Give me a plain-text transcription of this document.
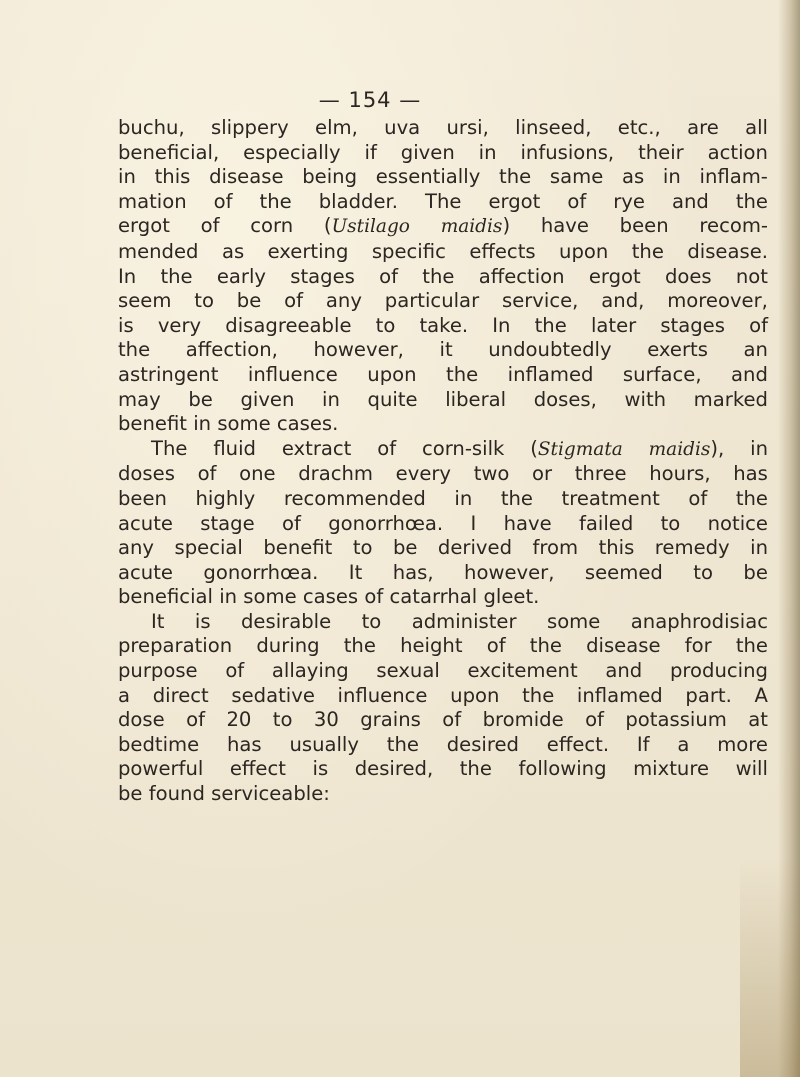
— 154 —
buchu, slippery elm, uva ursi, linseed, etc., are all
beneficial, especially if given in infusions, their action
in this disease being essentially the same as in inflam-
mation of the bladder. The ergot of rye and the
ergot of corn (Ustilago maidis) have been recom-
mended as exerting specific effects upon the disease.
In the early stages of the affection ergot does not
seem to be of any particular service, and, moreover,
is very disagreeable to take. In the later stages of
the affection, however, it undoubtedly exerts an
astringent influence upon the inflamed surface, and
may be given in quite liberal doses, with marked
benefit in some cases.
The fluid extract of corn-silk (Stigmata maidis), in
doses of one drachm every two or three hours, has
been highly recommended in the treatment of the
acute stage of gonorrhœa. I have failed to notice
any special benefit to be derived from this remedy in
acute gonorrhœa. It has, however, seemed to be
beneficial in some cases of catarrhal gleet.
It is desirable to administer some anaphrodisiac
preparation during the height of the disease for the
purpose of allaying sexual excitement and producing
a direct sedative influence upon the inflamed part. A
dose of 20 to 30 grains of bromide of potassium at
bedtime has usually the desired effect. If a more
powerful effect is desired, the following mixture will
be found serviceable:
